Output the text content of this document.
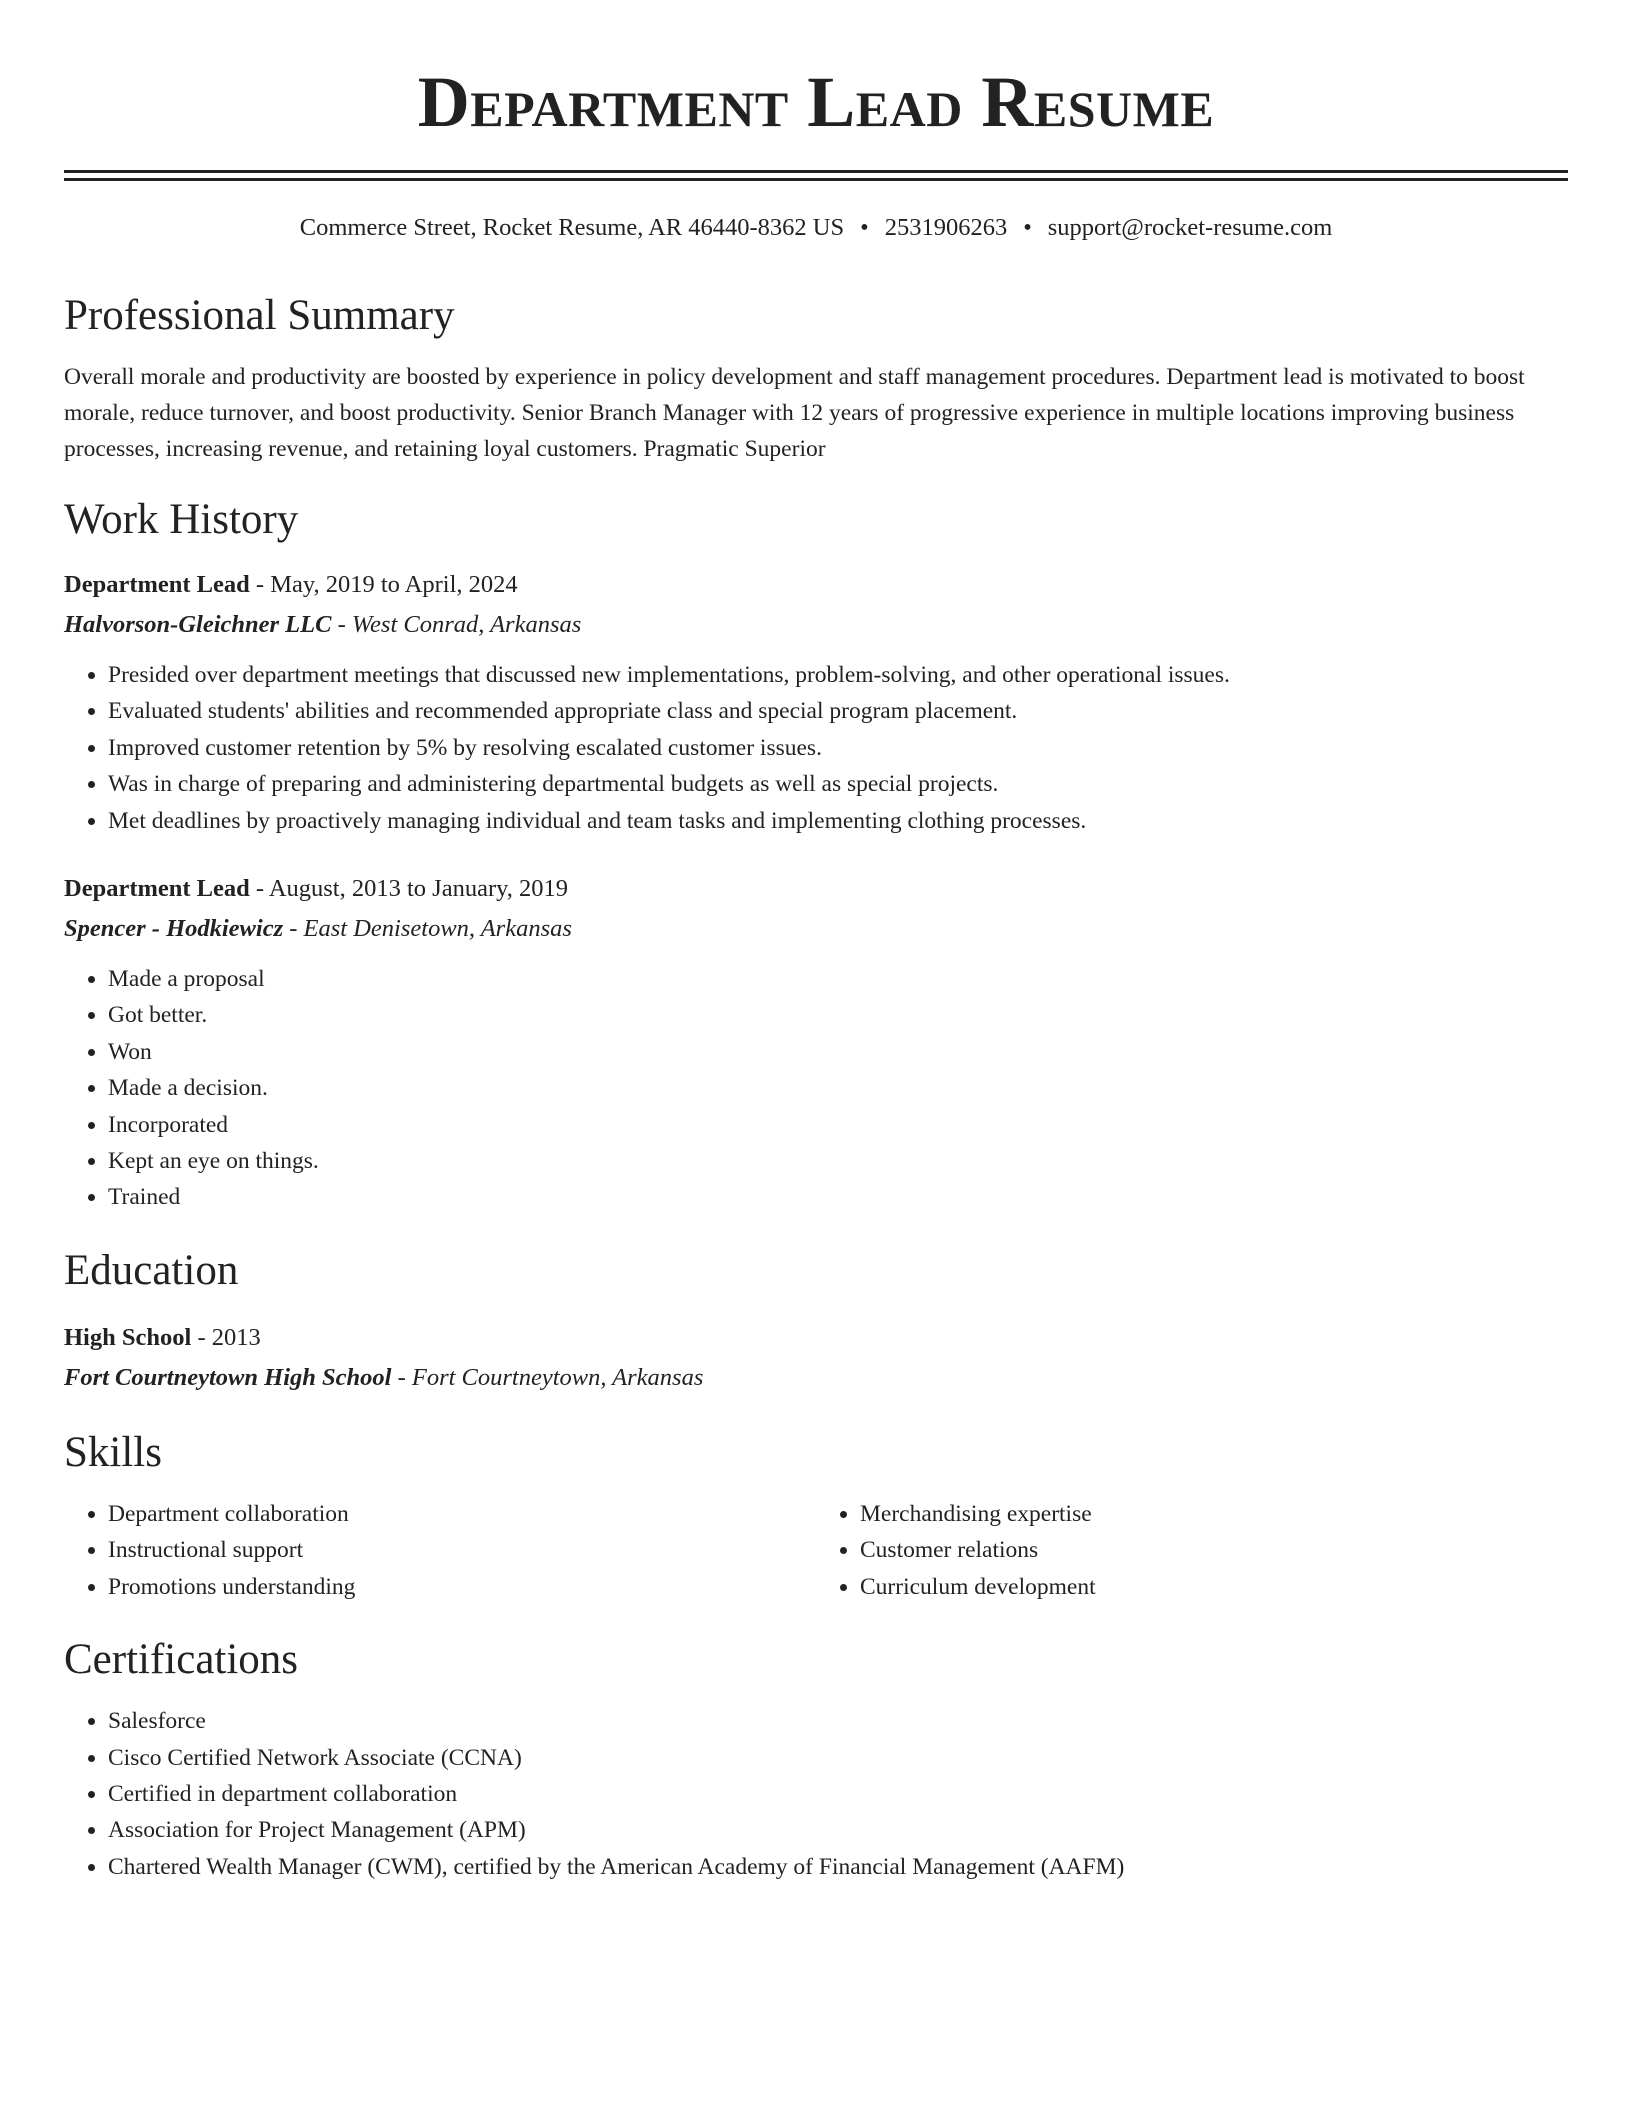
Department Lead Resume
Commerce Street, Rocket Resume, AR 46440-8362 US • 2531906263 • support@rocket-resume.com
Professional Summary
Overall morale and productivity are boosted by experience in policy development and staff management procedures. Department lead is motivated to boost morale, reduce turnover, and boost productivity. Senior Branch Manager with 12 years of progressive experience in multiple locations improving business processes, increasing revenue, and retaining loyal customers. Pragmatic Superior
Work History
Department Lead - May, 2019 to April, 2024
Halvorson-Gleichner LLC - West Conrad, Arkansas
• Presided over department meetings that discussed new implementations, problem-solving, and other operational issues.
• Evaluated students' abilities and recommended appropriate class and special program placement.
• Improved customer retention by 5% by resolving escalated customer issues.
• Was in charge of preparing and administering departmental budgets as well as special projects.
• Met deadlines by proactively managing individual and team tasks and implementing clothing processes.
Department Lead - August, 2013 to January, 2019
Spencer - Hodkiewicz - East Denisetown, Arkansas
• Made a proposal
• Got better.
• Won
• Made a decision.
• Incorporated
• Kept an eye on things.
• Trained
Education
High School - 2013
Fort Courtneytown High School - Fort Courtneytown, Arkansas
Skills
• Department collaboration
• Instructional support
• Promotions understanding
• Merchandising expertise
• Customer relations
• Curriculum development
Certifications
• Salesforce
• Cisco Certified Network Associate (CCNA)
• Certified in department collaboration
• Association for Project Management (APM)
• Chartered Wealth Manager (CWM), certified by the American Academy of Financial Management (AAFM)
